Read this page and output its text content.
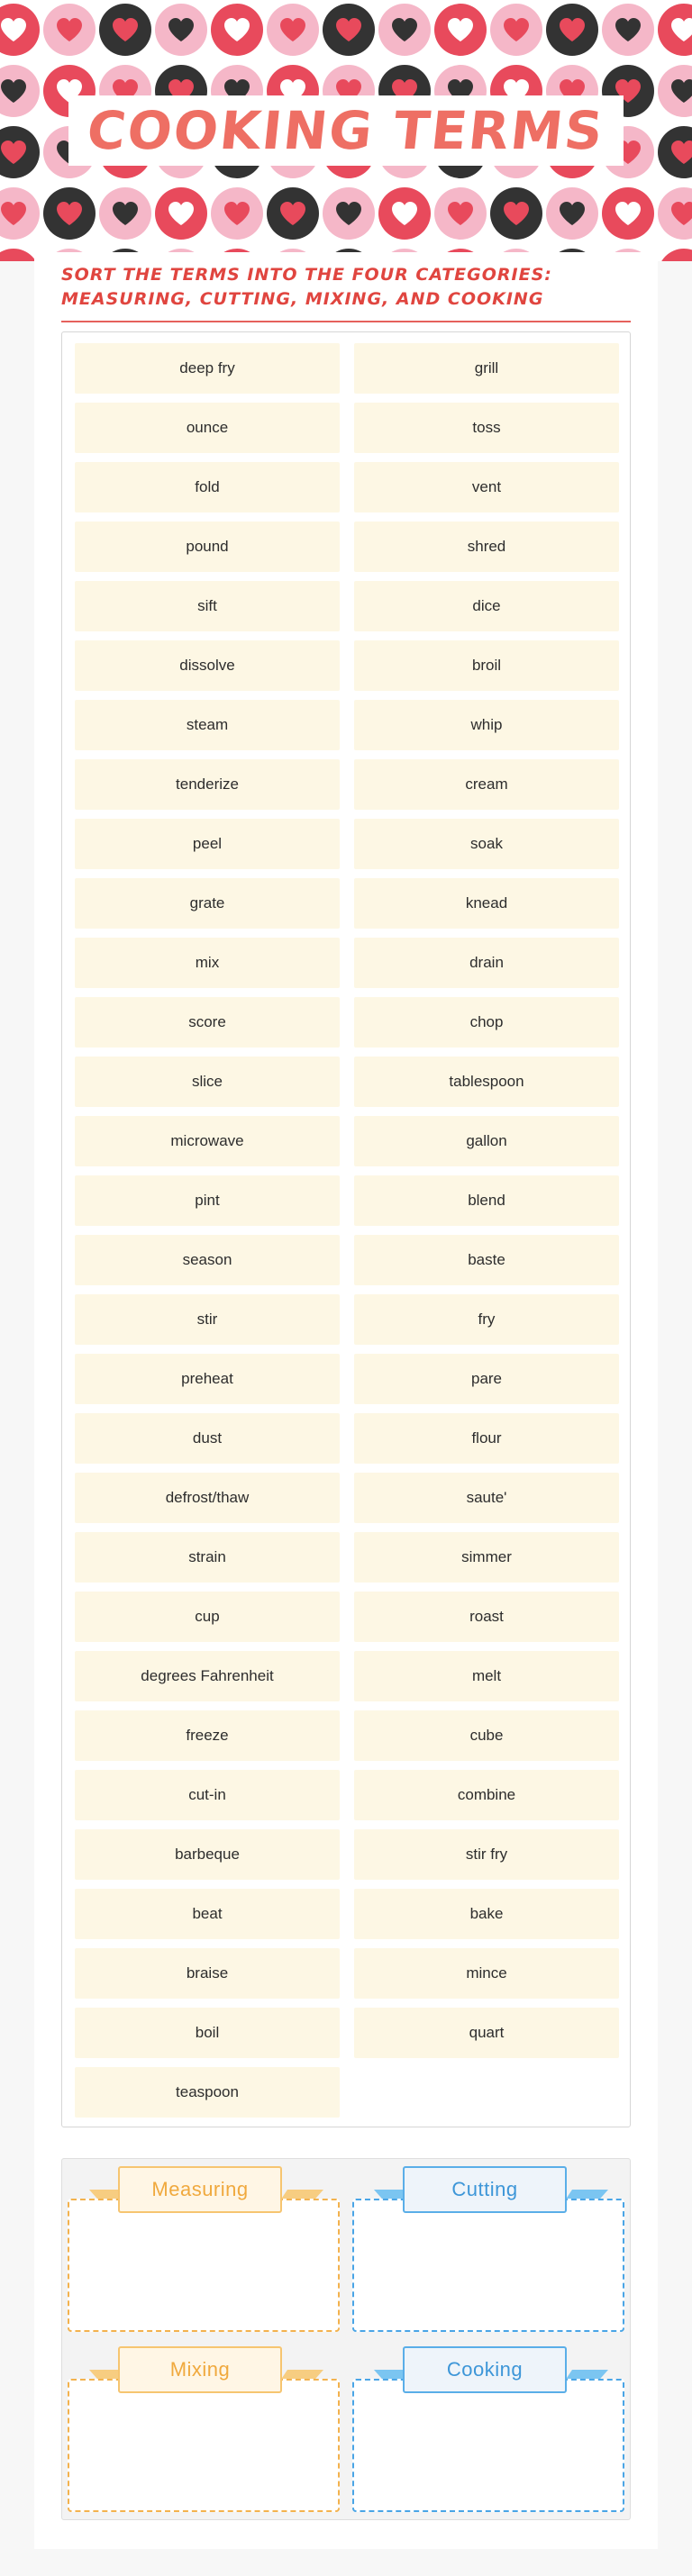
COOKING TERMS
SORT THE TERMS INTO THE FOUR CATEGORIES: MEASURING, CUTTING, MIXING, AND COOKING
deep fry	grill
ounce	toss
fold	vent
pound	shred
sift	dice
dissolve	broil
steam	whip
tenderize	cream
peel	soak
grate	knead
mix	drain
score	chop
slice	tablespoon
microwave	gallon
pint	blend
season	baste
stir	fry
preheat	pare
dust	flour
defrost/thaw	saute'
strain	simmer
cup	roast
degrees Fahrenheit	melt
freeze	cube
cut-in	combine
barbeque	stir fry
beat	bake
braise	mince
boil	quart
teaspoon
Measuring	Cutting
Mixing	Cooking
